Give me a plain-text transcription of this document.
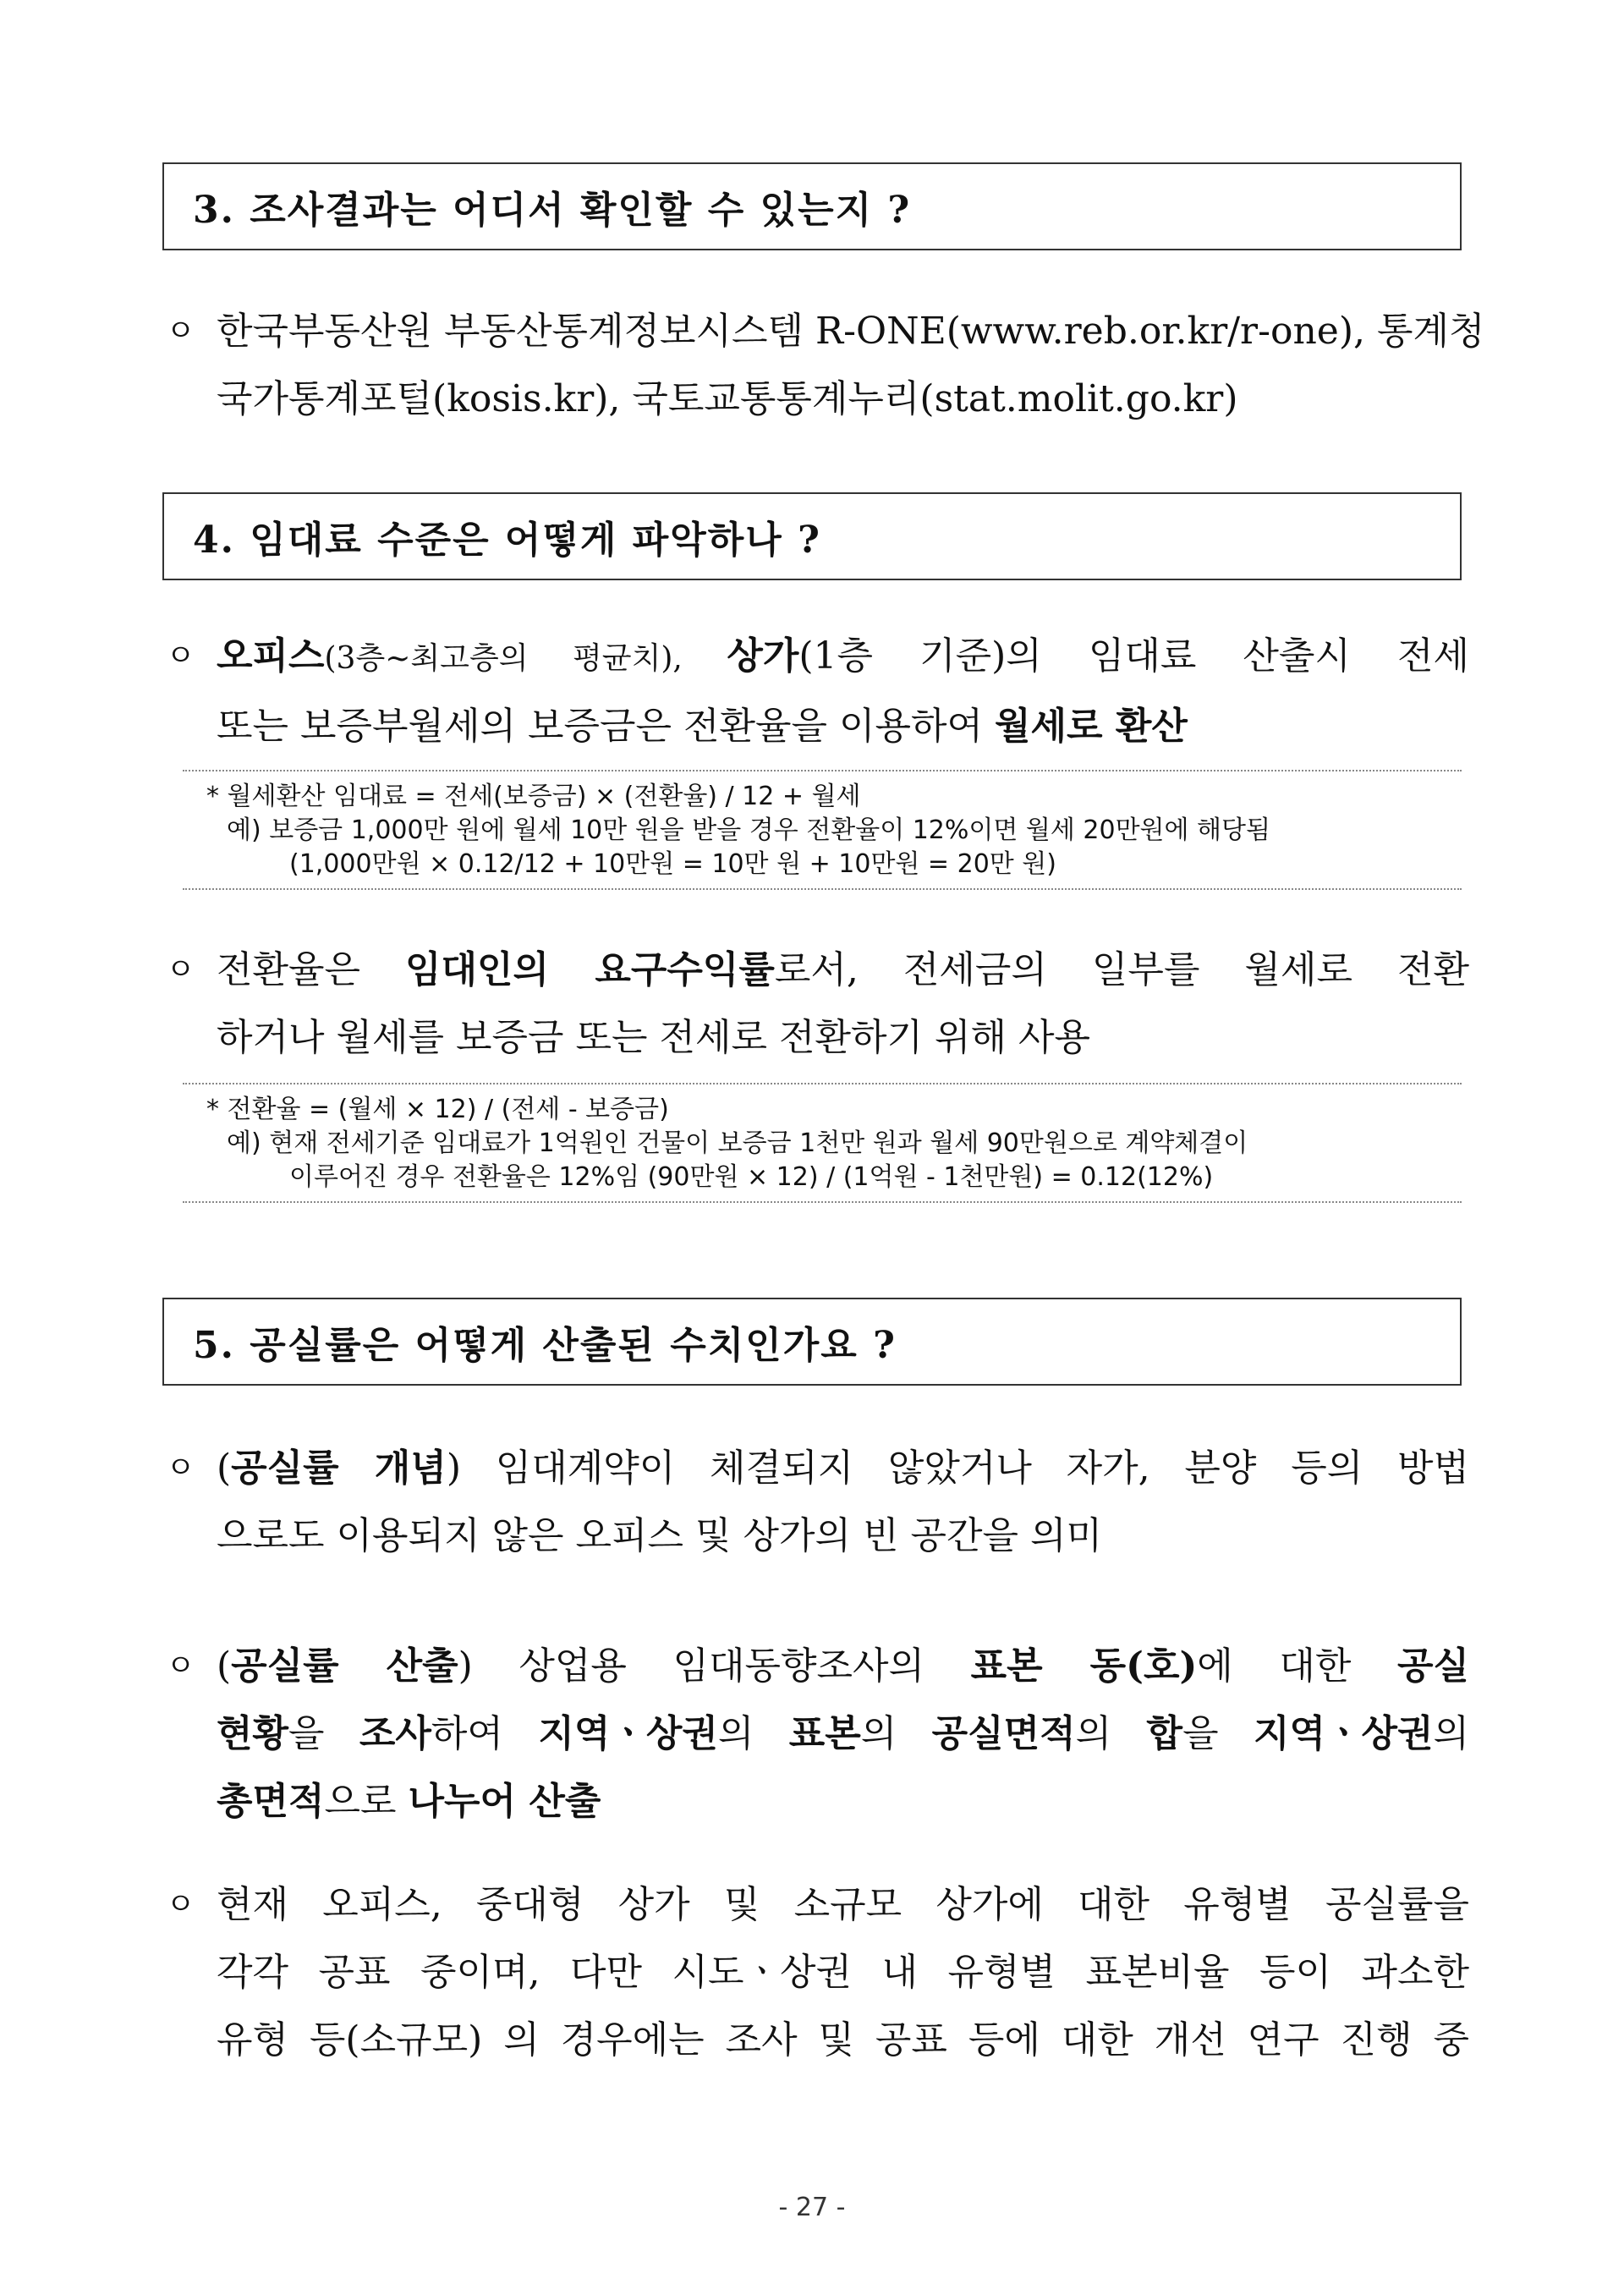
3. 조사결과는 어디서 확인할 수 있는지 ?
ㅇ 한국부동산원 부동산통계정보시스템 R-ONE(www.reb.or.kr/r-one), 통계청
국가통계포털(kosis.kr), 국토교통통계누리(stat.molit.go.kr)
4. 임대료 수준은 어떻게 파악하나 ?
ㅇ 오피스(3층~최고층의 평균치), 상가(1층 기준)의 임대료 산출시 전세
또는 보증부월세의 보증금은 전환율을 이용하여 월세로 환산
* 월세환산 임대료 = 전세(보증금) × (전환율) / 12 + 월세
예) 보증금 1,000만 원에 월세 10만 원을 받을 경우 전환율이 12%이면 월세 20만원에 해당됨
(1,000만원 × 0.12/12 + 10만원 = 10만 원 + 10만원 = 20만 원)
ㅇ 전환율은 임대인의 요구수익률로서, 전세금의 일부를 월세로 전환
하거나 월세를 보증금 또는 전세로 전환하기 위해 사용
* 전환율 = (월세 × 12) / (전세 - 보증금)
예) 현재 전세기준 임대료가 1억원인 건물이 보증금 1천만 원과 월세 90만원으로 계약체결이
이루어진 경우 전환율은 12%임 (90만원 × 12) / (1억원 - 1천만원) = 0.12(12%)
5. 공실률은 어떻게 산출된 수치인가요 ?
ㅇ (공실률 개념) 임대계약이 체결되지 않았거나 자가, 분양 등의 방법
으로도 이용되지 않은 오피스 및 상가의 빈 공간을 의미
ㅇ (공실률 산출) 상업용 임대동향조사의 표본 동(호)에 대한 공실
현황을 조사하여 지역ㆍ상권의 표본의 공실면적의 합을 지역ㆍ상권의
총면적으로 나누어 산출
ㅇ 현재 오피스, 중대형 상가 및 소규모 상가에 대한 유형별 공실률을
각각 공표 중이며, 다만 시도ㆍ상권 내 유형별 표본비율 등이 과소한
유형 등(소규모) 의 경우에는 조사 및 공표 등에 대한 개선 연구 진행 중
- 27 -
